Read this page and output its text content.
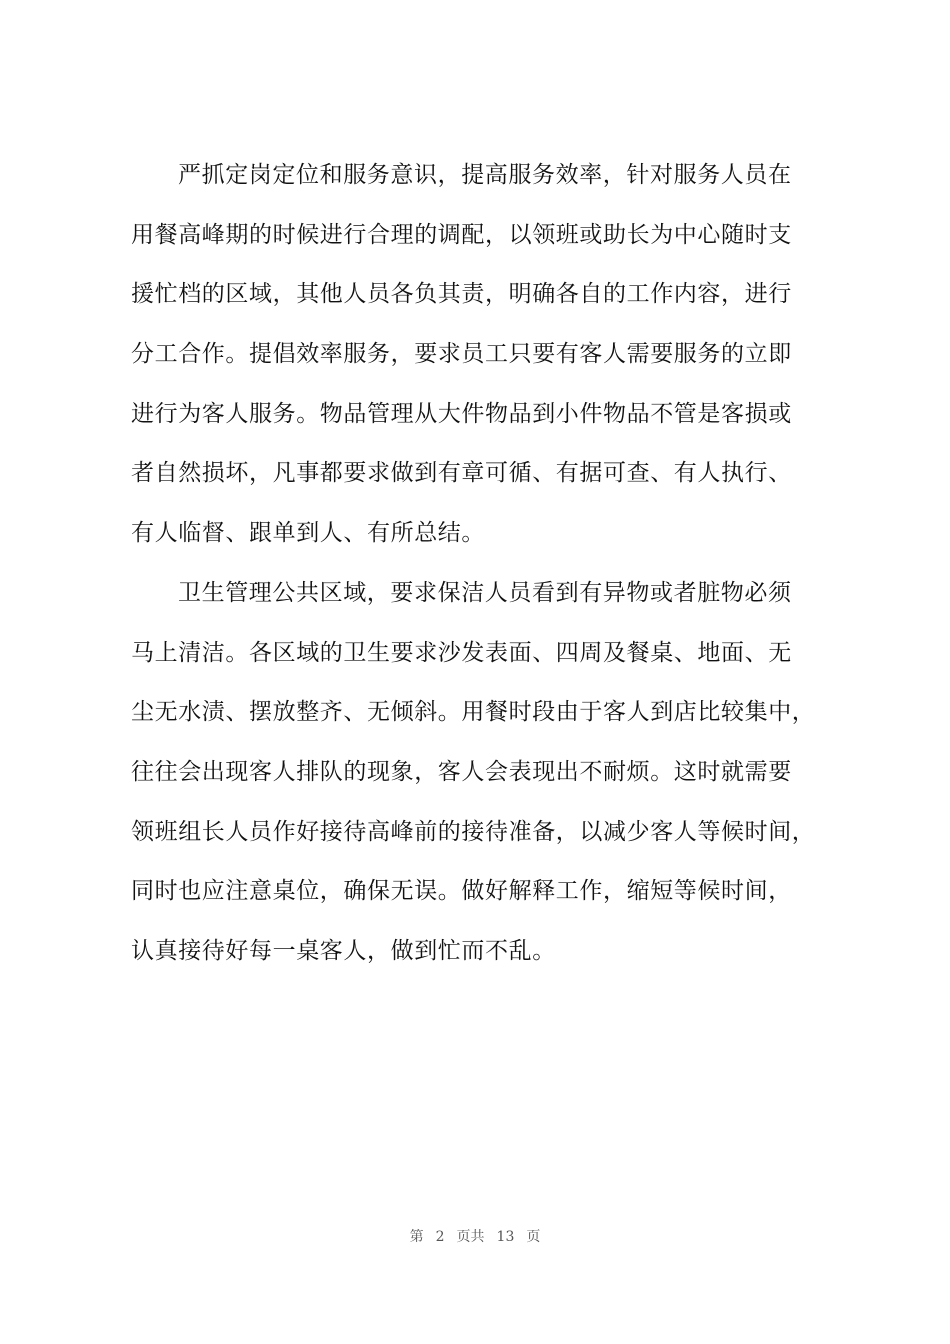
严抓定岗定位和服务意识，提高服务效率，针对服务人员在
用餐高峰期的时候进行合理的调配，以领班或助长为中心随时支
援忙档的区域，其他人员各负其责，明确各自的工作内容，进行
分工合作。提倡效率服务，要求员工只要有客人需要服务的立即
进行为客人服务。物品管理从大件物品到小件物品不管是客损或
者自然损坏，凡事都要求做到有章可循、有据可查、有人执行、
有人临督、跟单到人、有所总结。
卫生管理公共区域，要求保洁人员看到有异物或者脏物必须
马上清洁。各区域的卫生要求沙发表面、四周及餐桌、地面、无
尘无水渍、摆放整齐、无倾斜。用餐时段由于客人到店比较集中，
往往会出现客人排队的现象，客人会表现出不耐烦。这时就需要
领班组长人员作好接待高峰前的接待准备，以减少客人等候时间，
同时也应注意桌位，确保无误。做好解释工作，缩短等候时间，
认真接待好每一桌客人，做到忙而不乱。
第 2 页共 13 页
